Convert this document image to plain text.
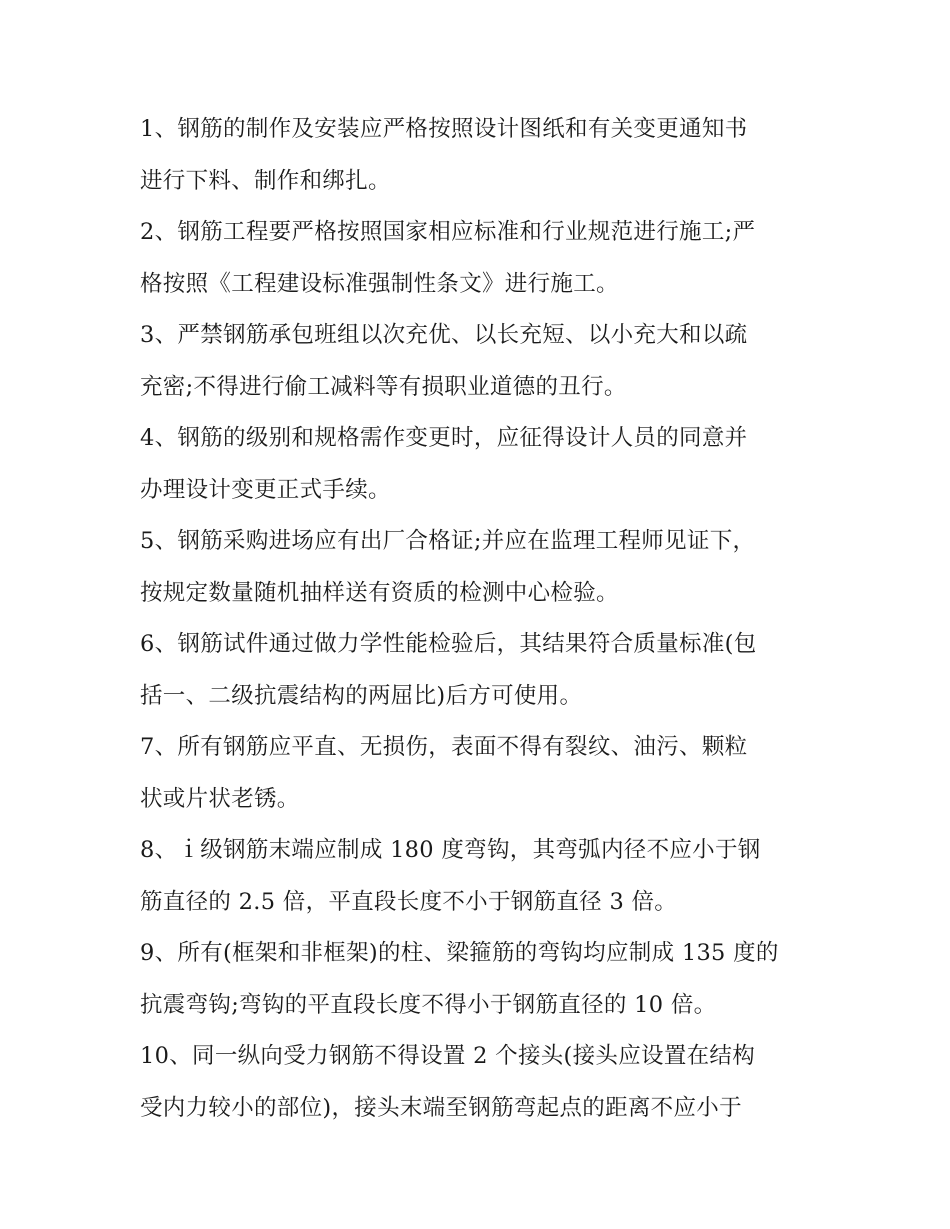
1、钢筋的制作及安装应严格按照设计图纸和有关变更通知书
进行下料、制作和绑扎。
2、钢筋工程要严格按照国家相应标准和行业规范进行施工;严
格按照《工程建设标准强制性条文》进行施工。
3、严禁钢筋承包班组以次充优、以长充短、以小充大和以疏
充密;不得进行偷工减料等有损职业道德的丑行。
4、钢筋的级别和规格需作变更时，应征得设计人员的同意并
办理设计变更正式手续。
5、钢筋采购进场应有出厂合格证;并应在监理工程师见证下，
按规定数量随机抽样送有资质的检测中心检验。
6、钢筋试件通过做力学性能检验后，其结果符合质量标准(包
括一、二级抗震结构的两屈比)后方可使用。
7、所有钢筋应平直、无损伤，表面不得有裂纹、油污、颗粒
状或片状老锈。
8、ｉ级钢筋末端应制成 180 度弯钩，其弯弧内径不应小于钢
筋直径的 2.5 倍，平直段长度不小于钢筋直径 3 倍。
9、所有(框架和非框架)的柱、梁箍筋的弯钩均应制成 135 度的
抗震弯钩;弯钩的平直段长度不得小于钢筋直径的 10 倍。
10、同一纵向受力钢筋不得设置 2 个接头(接头应设置在结构
受内力较小的部位)，接头末端至钢筋弯起点的距离不应小于
